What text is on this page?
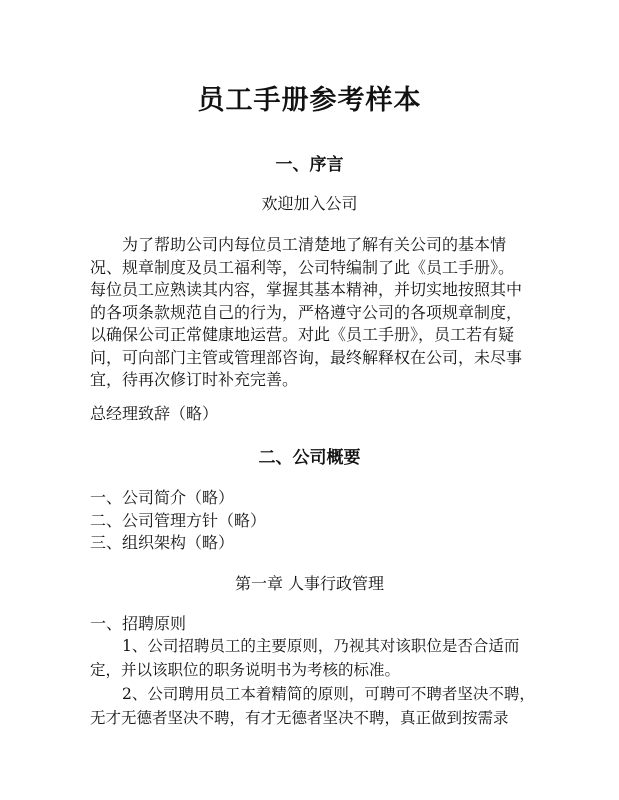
员工手册参考样本
一、序言
欢迎加入公司
为了帮助公司内每位员工清楚地了解有关公司的基本情
况、规章制度及员工福利等，公司特编制了此《员工手册》。
每位员工应熟读其内容，掌握其基本精神，并切实地按照其中
的各项条款规范自己的行为，严格遵守公司的各项规章制度，
以确保公司正常健康地运营。对此《员工手册》，员工若有疑
问，可向部门主管或管理部咨询，最终解释权在公司，未尽事
宜，待再次修订时补充完善。
总经理致辞（略）
二、公司概要
一、公司简介（略）
二、公司管理方针（略）
三、组织架构（略）
第一章 人事行政管理
一、招聘原则
1、公司招聘员工的主要原则，乃视其对该职位是否合适而
定，并以该职位的职务说明书为考核的标准。
2、公司聘用员工本着精简的原则，可聘可不聘者坚决不聘，
无才无德者坚决不聘，有才无德者坚决不聘，真正做到按需录
